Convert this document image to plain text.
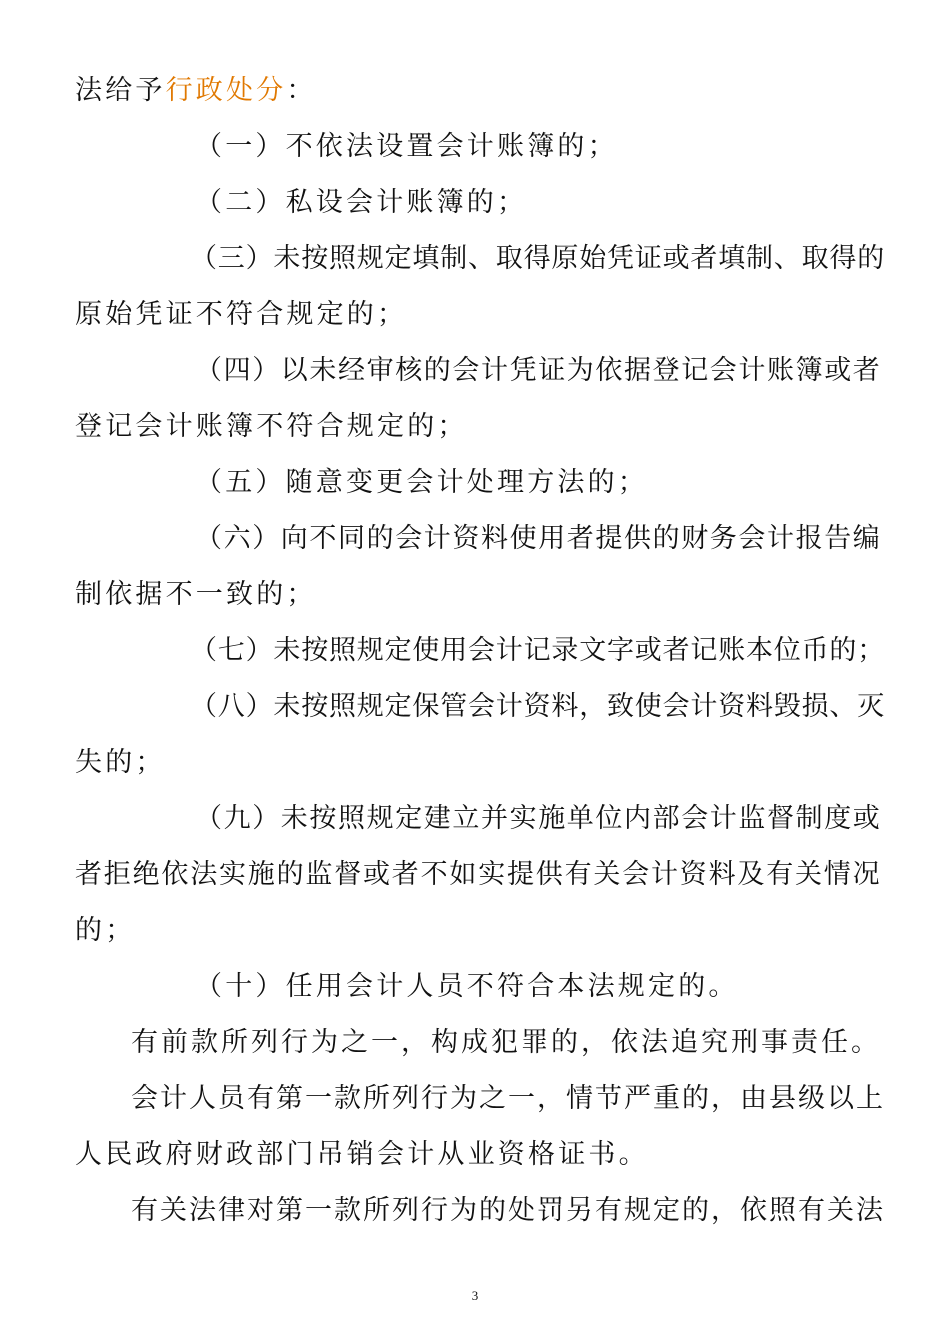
法给予行政处分：
（一）不依法设置会计账簿的；
（二）私设会计账簿的；
（三）未按照规定填制、取得原始凭证或者填制、取得的
原始凭证不符合规定的；
（四）以未经审核的会计凭证为依据登记会计账簿或者
登记会计账簿不符合规定的；
（五）随意变更会计处理方法的；
（六）向不同的会计资料使用者提供的财务会计报告编
制依据不一致的；
（七）未按照规定使用会计记录文字或者记账本位币的；
（八）未按照规定保管会计资料，致使会计资料毁损、灭
失的；
（九）未按照规定建立并实施单位内部会计监督制度或
者拒绝依法实施的监督或者不如实提供有关会计资料及有关情况
的；
（十）任用会计人员不符合本法规定的。
有前款所列行为之一，构成犯罪的，依法追究刑事责任。
会计人员有第一款所列行为之一，情节严重的，由县级以上
人民政府财政部门吊销会计从业资格证书。
有关法律对第一款所列行为的处罚另有规定的，依照有关法
3
